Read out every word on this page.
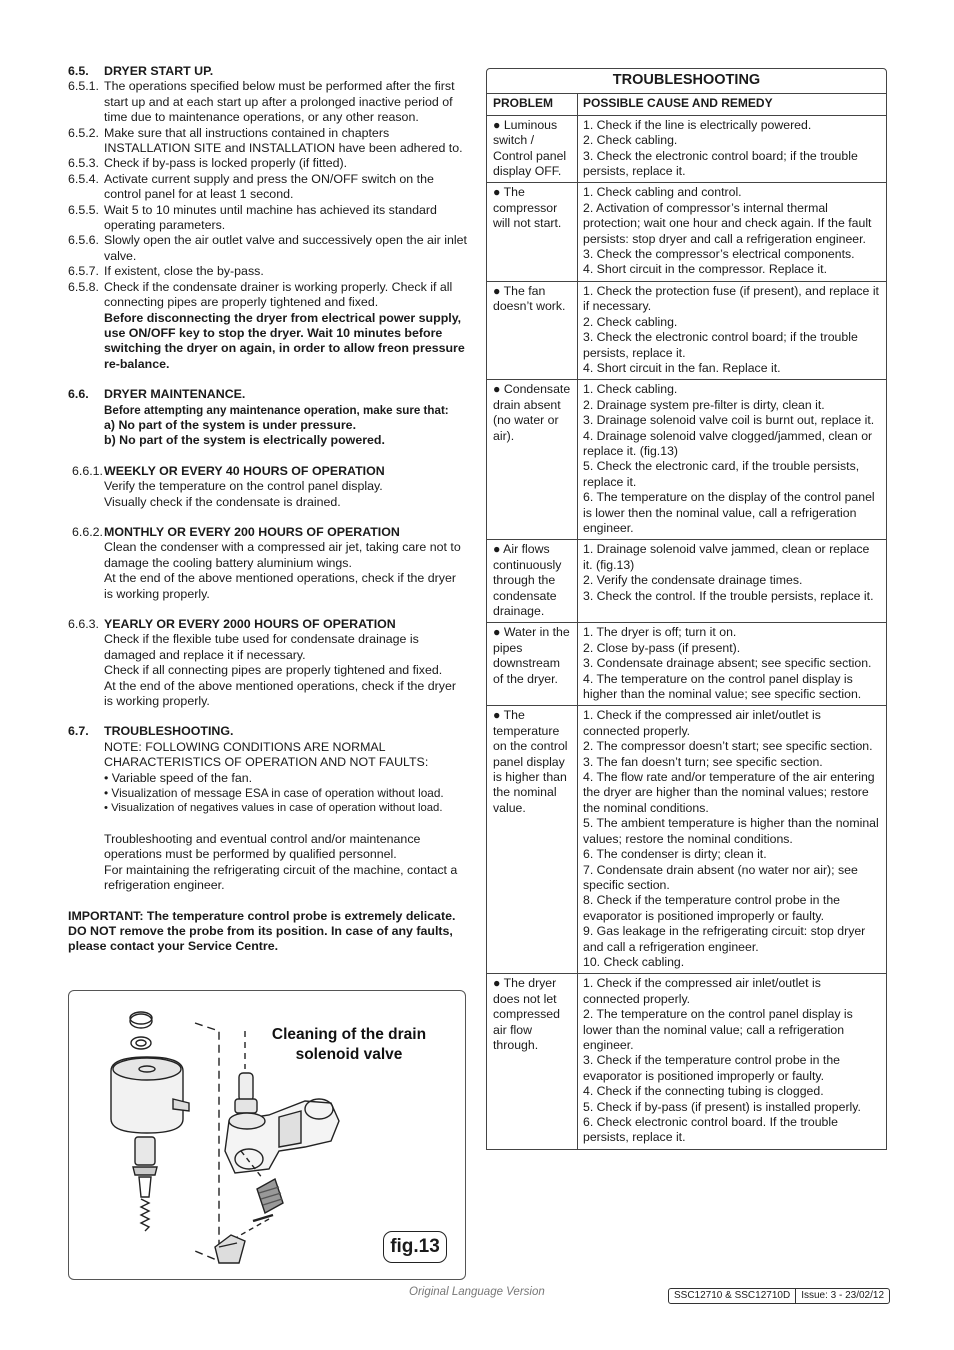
6.5.	DRYER START UP.
6.5.1. The operations specified below must be performed after the first start up and at each start up after a prolonged inactive period of time due to maintenance operations, or any other reason.
6.5.2. Make sure that all instructions contained in chapters INSTALLATION SITE and INSTALLATION have been adhered to.
6.5.3. Check if by-pass is locked properly (if fitted).
6.5.4. Activate current supply and press the ON/OFF switch on the control panel for at least 1 second.
6.5.5. Wait 5 to 10 minutes until machine has achieved its standard operating parameters.
6.5.6. Slowly open the air outlet valve and successively open the air inlet valve.
6.5.7. If existent, close the by-pass.
6.5.8. Check if the condensate drainer is working properly. Check if all connecting pipes are properly tightened and fixed.
Before disconnecting the dryer from electrical power supply, use ON/OFF key to stop the dryer. Wait 10 minutes before switching the dryer on again, in order to allow freon pressure re-balance.
6.6.	DRYER MAINTENANCE.
Before attempting any maintenance operation, make sure that:
a) No part of the system is under pressure.
b) No part of the system is electrically powered.
6.6.1. WEEKLY OR EVERY 40 HOURS OF OPERATION
Verify the temperature on the control panel display.
Visually check if the condensate is drained.
6.6.2. MONTHLY OR EVERY 200 HOURS OF OPERATION
Clean the condenser with a compressed air jet, taking care not to damage the cooling battery aluminium wings.
At the end of the above mentioned operations, check if the dryer is working properly.
6.6.3. YEARLY OR EVERY 2000 HOURS OF OPERATION
Check if the flexible tube used for condensate drainage is damaged and replace it if necessary.
Check if all connecting pipes are properly tightened and fixed.
At the end of the above mentioned operations, check if the dryer is working properly.
6.7.	TROUBLESHOOTING.
NOTE: FOLLOWING CONDITIONS ARE NORMAL CHARACTERISTICS OF OPERATION AND NOT FAULTS:
• Variable speed of the fan.
• Visualization of message ESA in case of operation without load.
• Visualization of negatives values in case of operation without load.
Troubleshooting and eventual control and/or maintenance operations must be performed by qualified personnel.
For maintaining the refrigerating circuit of the machine, contact a refrigeration engineer.
IMPORTANT: The temperature control probe is extremely delicate. DO NOT remove the probe from its position. In case of any faults, please contact your Service Centre.
Cleaning of the drain
solenoid valve
fig.13
TROUBLESHOOTING
PROBLEM	POSSIBLE CAUSE AND REMEDY
● Luminous switch / Control panel display OFF.
1. Check if the line is electrically powered.
2. Check cabling.
3. Check the electronic control board; if the trouble persists, replace it.
● The compressor will not start.
1. Check cabling and control.
2. Activation of compressor’s internal thermal protection; wait one hour and check again. If the fault persists: stop dryer and call a refrigeration engineer.
3. Check the compressor’s electrical components.
4. Short circuit in the compressor. Replace it.
● The fan doesn’t work.
1. Check the protection fuse (if present), and replace it if necessary.
2. Check cabling.
3. Check the electronic control board; if the trouble persists, replace it.
4. Short circuit in the fan. Replace it.
● Condensate drain absent (no water or air).
1. Check cabling.
2. Drainage system pre-filter is dirty, clean it.
3. Drainage solenoid valve coil is burnt out, replace it.
4. Drainage solenoid valve clogged/jammed, clean or replace it. (fig.13)
5. Check the electronic card, if the trouble persists, replace it.
6. The temperature on the display of the control panel is lower then the nominal value, call a refrigeration engineer.
● Air flows continuously through the condensate drainage.
1. Drainage solenoid valve jammed, clean or replace it. (fig.13)
2. Verify the condensate drainage times.
3. Check the control. If the trouble persists, replace it.
● Water in the pipes downstream of the dryer.
1. The dryer is off; turn it on.
2. Close by-pass (if present).
3. Condensate drainage absent; see specific section.
4. The temperature on the control panel display is higher than the nominal value; see specific section.
● The temperature on the control panel display is higher than the nominal value.
1. Check if the compressed air inlet/outlet is connected properly.
2. The compressor doesn’t start; see specific section.
3. The fan doesn’t turn; see specific section.
4. The flow rate and/or temperature of the air entering the dryer are higher than the nominal values; restore the nominal conditions.
5. The ambient temperature is higher than the nominal values; restore the nominal conditions.
6. The condenser is dirty; clean it.
7. Condensate drain absent (no water nor air); see specific section.
8. Check if the temperature control probe in the evaporator is positioned improperly or faulty.
9. Gas leakage in the refrigerating circuit: stop dryer and call a refrigeration engineer.
10. Check cabling.
● The dryer does not let compressed air flow through.
1. Check if the compressed air inlet/outlet is connected properly.
2. The temperature on the control panel display is lower than the nominal value; call a refrigeration engineer.
3. Check if the temperature control probe in the evaporator is positioned improperly or faulty.
4. Check if the connecting tubing is clogged.
5. Check if by-pass (if present) is installed properly.
6. Check electronic control board. If the trouble persists, replace it.
Original Language Version	SSC12710 & SSC12710D	Issue: 3 - 23/02/12
